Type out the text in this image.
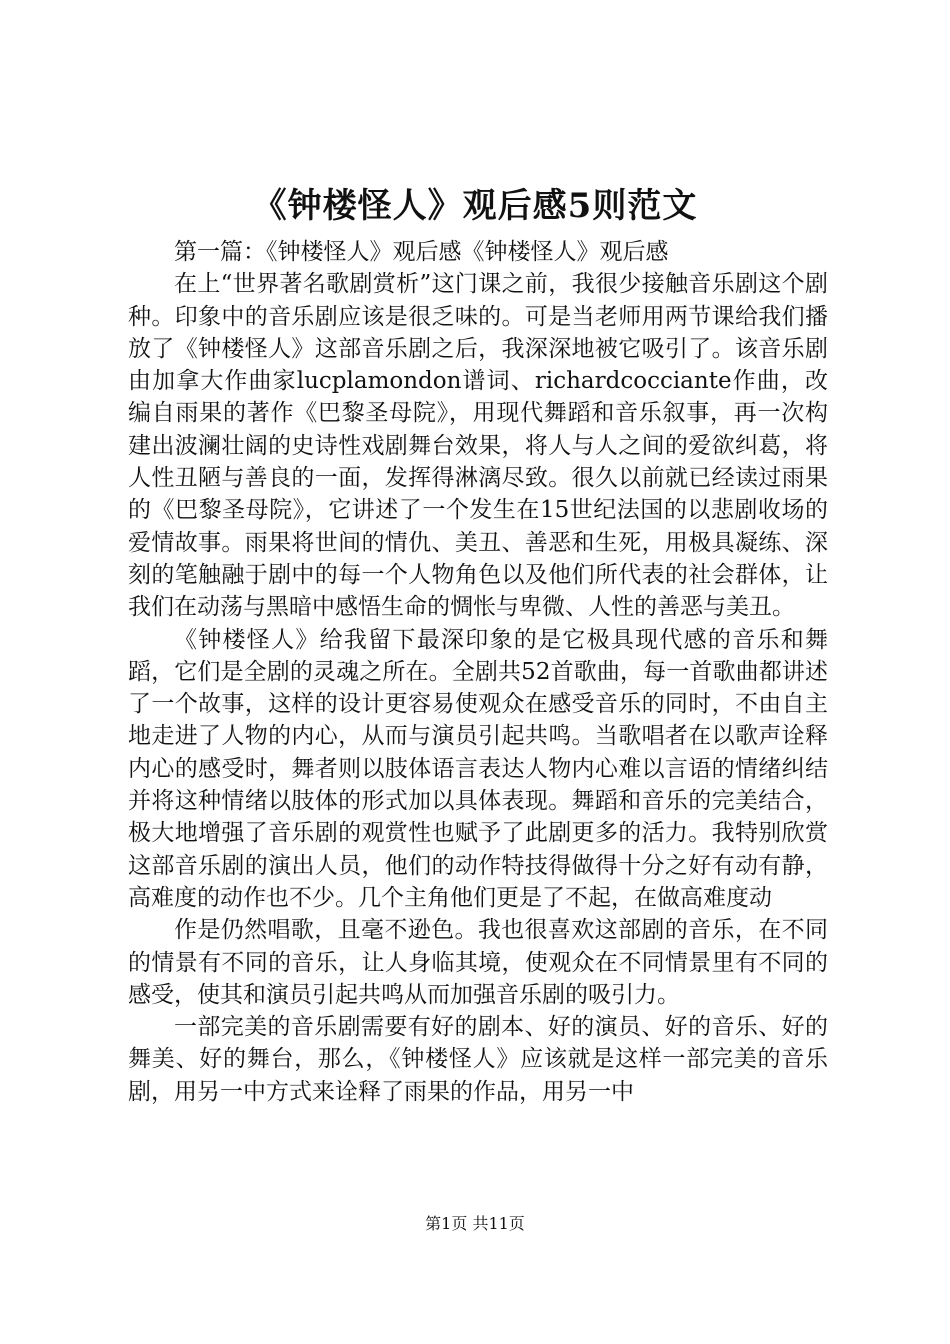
《钟楼怪人》观后感5则范文

第一篇：《钟楼怪人》观后感《钟楼怪人》观后感

在上“世界著名歌剧赏析”这门课之前，我很少接触音乐剧这个剧种。印象中的音乐剧应该是很乏味的。可是当老师用两节课给我们播放了《钟楼怪人》这部音乐剧之后，我深深地被它吸引了。该音乐剧由加拿大作曲家lucplamondon谱词、richardcocciante作曲，改编自雨果的著作《巴黎圣母院》，用现代舞蹈和音乐叙事，再一次构建出波澜壮阔的史诗性戏剧舞台效果，将人与人之间的爱欲纠葛，将人性丑陋与善良的一面，发挥得淋漓尽致。很久以前就已经读过雨果的《巴黎圣母院》，它讲述了一个发生在15世纪法国的以悲剧收场的爱情故事。雨果将世间的情仇、美丑、善恶和生死，用极具凝练、深刻的笔触融于剧中的每一个人物角色以及他们所代表的社会群体，让我们在动荡与黑暗中感悟生命的惆怅与卑微、人性的善恶与美丑。

《钟楼怪人》给我留下最深印象的是它极具现代感的音乐和舞蹈，它们是全剧的灵魂之所在。全剧共52首歌曲，每一首歌曲都讲述了一个故事，这样的设计更容易使观众在感受音乐的同时，不由自主地走进了人物的内心，从而与演员引起共鸣。当歌唱者在以歌声诠释内心的感受时，舞者则以肢体语言表达人物内心难以言语的情绪纠结并将这种情绪以肢体的形式加以具体表现。舞蹈和音乐的完美结合，极大地增强了音乐剧的观赏性也赋予了此剧更多的活力。我特别欣赏这部音乐剧的演出人员，他们的动作特技得做得十分之好有动有静，高难度的动作也不少。几个主角他们更是了不起，在做高难度动

作是仍然唱歌，且毫不逊色。我也很喜欢这部剧的音乐，在不同的情景有不同的音乐，让人身临其境，使观众在不同情景里有不同的感受，使其和演员引起共鸣从而加强音乐剧的吸引力。

一部完美的音乐剧需要有好的剧本、好的演员、好的音乐、好的舞美、好的舞台，那么，《钟楼怪人》应该就是这样一部完美的音乐剧，用另一中方式来诠释了雨果的作品，用另一中

第1页 共11页
